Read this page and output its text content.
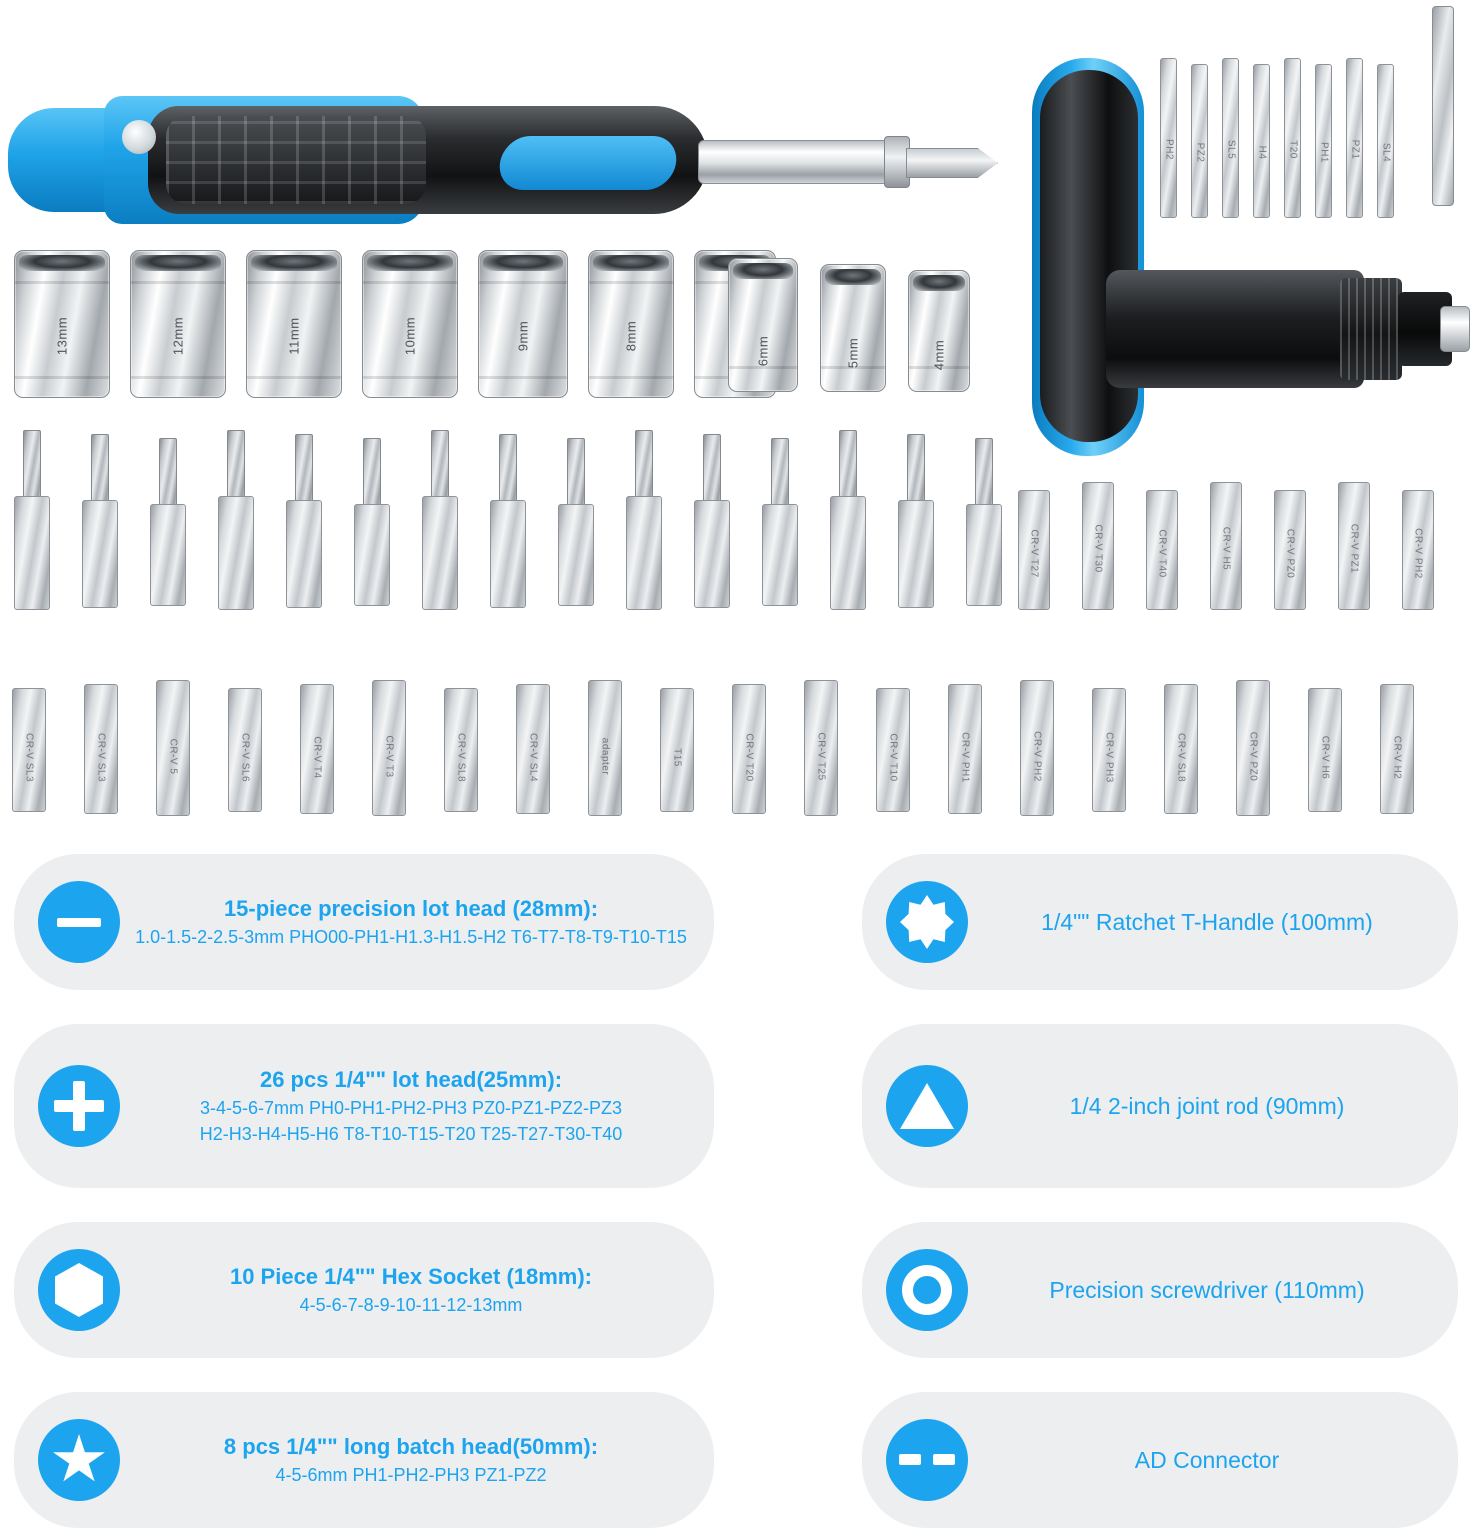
PH2 PZ2 SL5 H4 T20 PH1 PZ1 SL4
13mm	12mm	11mm	10mm	9mm	8mm
6mm	5mm	4mm
CR-V T27	CR-V T30	CR-V T40	CR-V H5	CR-V PZ0	CR-V PZ1	CR-V PH2
CR-V SL3	CR-V SL3	CR-V 5	CR-V SL6	CR-V T4	CR-V T3	CR-V SL8	CR-V SL4	adapter	T15	CR-V T20	CR-V T25	CR-V T10	CR-V PH1	CR-V PH2	CR-V PH3	CR-V SL8	CR-V PZ0	CR-V H6	CR-V H2
15-piece precision lot head (28mm):
1.0-1.5-2-2.5-3mm PHO00-PH1-H1.3-H1.5-H2 T6-T7-T8-T9-T10-T15
26 pcs 1/4"" lot head(25mm):
3-4-5-6-7mm PH0-PH1-PH2-PH3 PZ0-PZ1-PZ2-PZ3
H2-H3-H4-H5-H6 T8-T10-T15-T20 T25-T27-T30-T40
10 Piece 1/4"" Hex Socket (18mm):
4-5-6-7-8-9-10-11-12-13mm
8 pcs 1/4"" long batch head(50mm):
4-5-6mm PH1-PH2-PH3 PZ1-PZ2
1/4"" Ratchet T-Handle (100mm)
1/4 2-inch joint rod (90mm)
Precision screwdriver (110mm)
AD Connector
